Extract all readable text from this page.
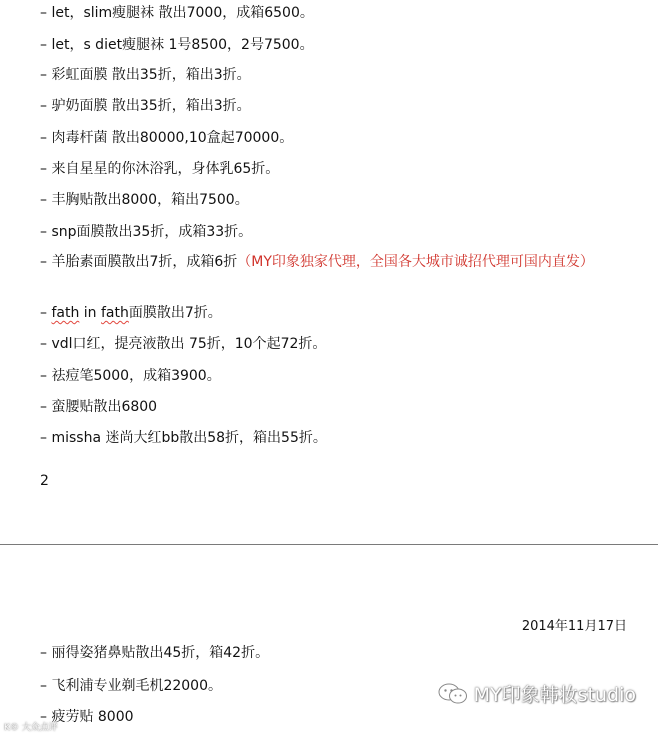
– let，slim瘦腿袜 散出7000，成箱6500。
– let，s diet瘦腿袜 1号8500，2号7500。
– 彩虹面膜 散出35折，箱出3折。
– 驴奶面膜 散出35折，箱出3折。
– 肉毒杆菌 散出80000,10盒起70000。
– 来自星星的你沐浴乳，身体乳65折。
– 丰胸贴散出8000，箱出7500。
– snp面膜散出35折，成箱33折。
– 羊胎素面膜散出7折，成箱6折（MY印象独家代理，全国各大城市诚招代理可国内直发）
– fath in fath面膜散出7折。
– vdl口红，提亮液散出 75折，10个起72折。
– 祛痘笔5000，成箱3900。
– 蛮腰贴散出6800
– missha 迷尚大红bb散出58折，箱出55折。
2
2014年11月17日
– 丽得姿猪鼻贴散出45折，箱42折。
– 飞利浦专业剃毛机22000。
– 疲劳贴 8000
MY印象韩妆studio
K© 大众点评
